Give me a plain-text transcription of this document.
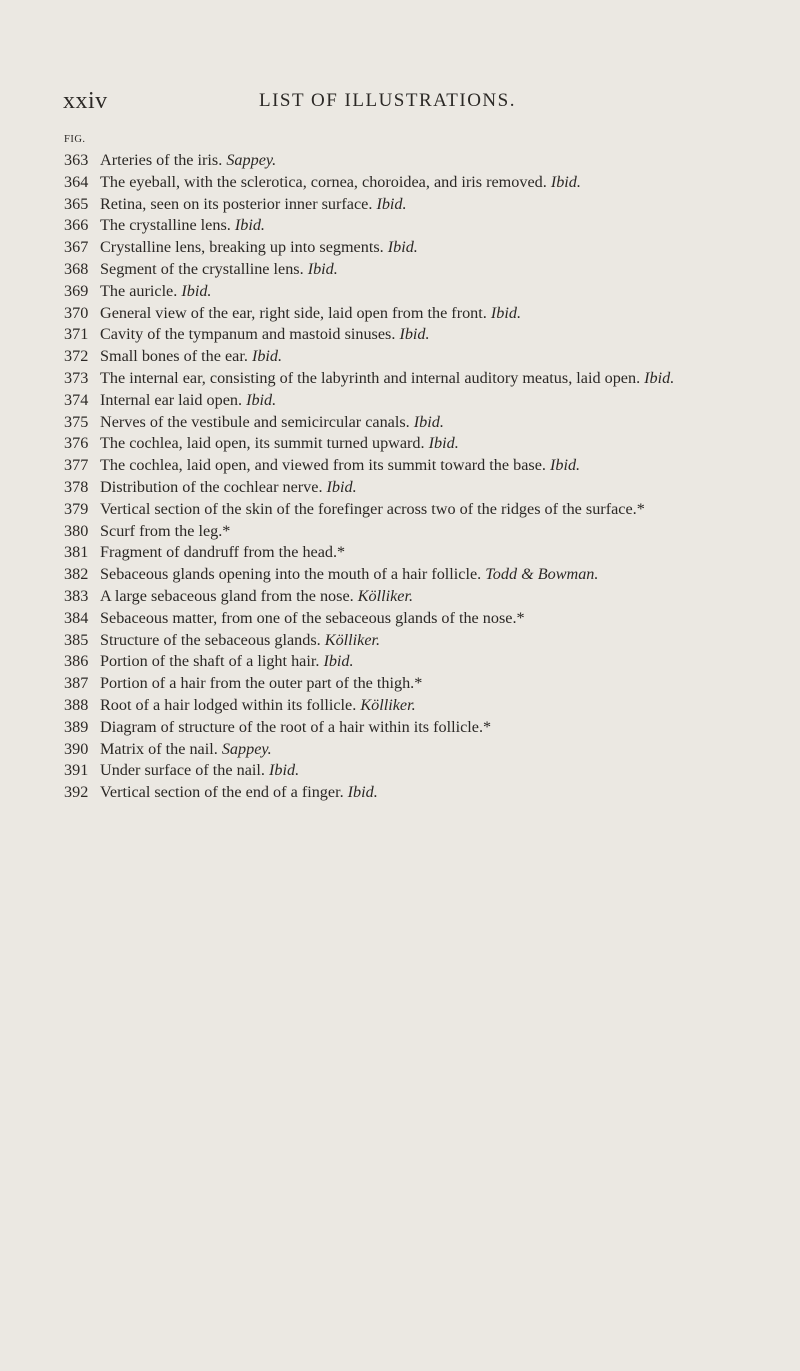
xxiv	LIST OF ILLUSTRATIONS.
FIG.
363 Arteries of the iris. Sappey.
364 The eyeball, with the sclerotica, cornea, choroidea, and iris removed. Ibid.
365 Retina, seen on its posterior inner surface. Ibid.
366 The crystalline lens. Ibid.
367 Crystalline lens, breaking up into segments. Ibid.
368 Segment of the crystalline lens. Ibid.
369 The auricle. Ibid.
370 General view of the ear, right side, laid open from the front. Ibid.
371 Cavity of the tympanum and mastoid sinuses. Ibid.
372 Small bones of the ear. Ibid.
373 The internal ear, consisting of the labyrinth and internal auditory meatus, laid open. Ibid.
374 Internal ear laid open. Ibid.
375 Nerves of the vestibule and semicircular canals. Ibid.
376 The cochlea, laid open, its summit turned upward. Ibid.
377 The cochlea, laid open, and viewed from its summit toward the base. Ibid.
378 Distribution of the cochlear nerve. Ibid.
379 Vertical section of the skin of the forefinger across two of the ridges of the surface.*
380 Scurf from the leg.*
381 Fragment of dandruff from the head.*
382 Sebaceous glands opening into the mouth of a hair follicle. Todd & Bowman.
383 A large sebaceous gland from the nose. Kölliker.
384 Sebaceous matter, from one of the sebaceous glands of the nose.*
385 Structure of the sebaceous glands. Kölliker.
386 Portion of the shaft of a light hair. Ibid.
387 Portion of a hair from the outer part of the thigh.*
388 Root of a hair lodged within its follicle. Kölliker.
389 Diagram of structure of the root of a hair within its follicle.*
390 Matrix of the nail. Sappey.
391 Under surface of the nail. Ibid.
392 Vertical section of the end of a finger. Ibid.
